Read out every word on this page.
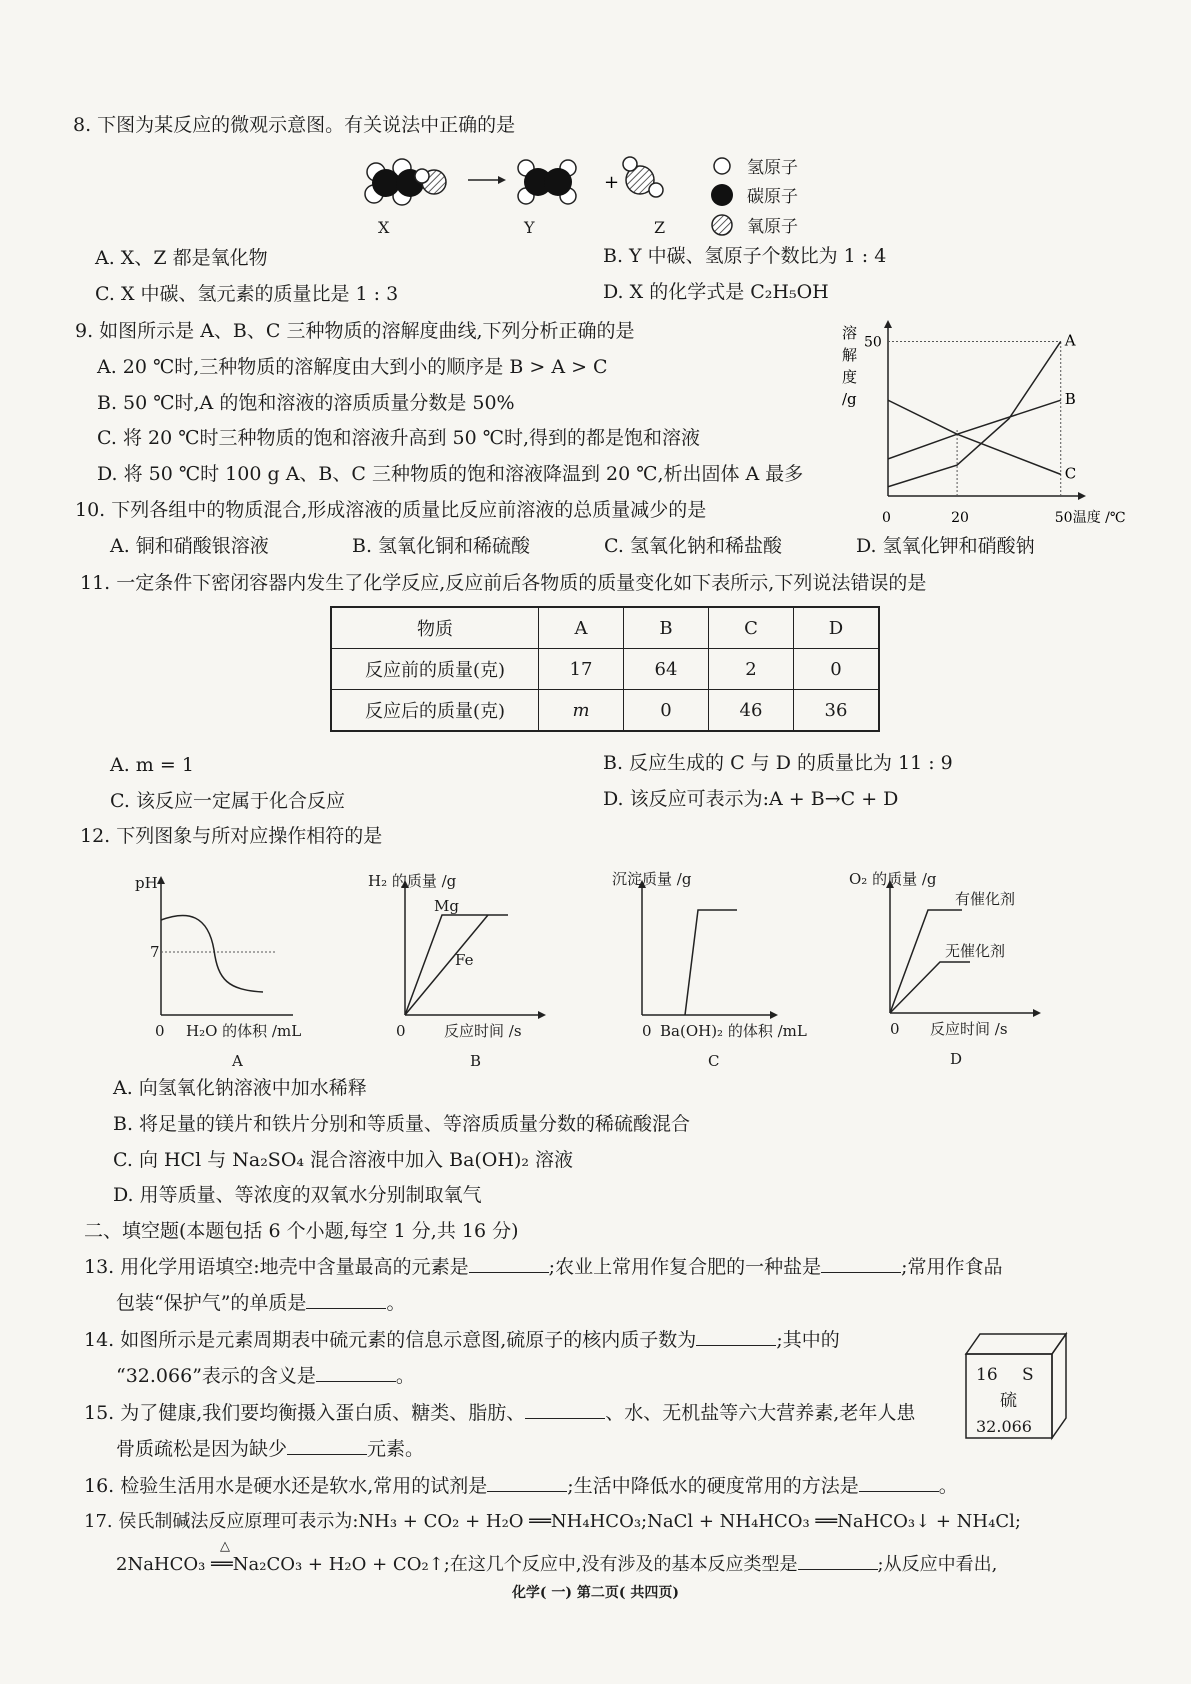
8. 下图为某反应的微观示意图。有关说法中正确的是
+
氢原子
碳原子
氧原子
X	Y	Z
A. X、Z 都是氧化物	B. Y 中碳、氢原子个数比为 1 : 4
C. X 中碳、氢元素的质量比是 1 : 3	D. X 的化学式是 C₂H₅OH
9. 如图所示是 A、B、C 三种物质的溶解度曲线,下列分析正确的是
A. 20 ℃时,三种物质的溶解度由大到小的顺序是 B > A > C
B. 50 ℃时,A 的饱和溶液的溶质质量分数是 50%
C. 将 20 ℃时三种物质的饱和溶液升高到 50 ℃时,得到的都是饱和溶液
D. 将 50 ℃时 100 g A、B、C 三种物质的饱和溶液降温到 20 ℃,析出固体 A 最多
A
B
C
溶
解
度
/g
50
0	20	50 温度 /℃
10. 下列各组中的物质混合,形成溶液的质量比反应前溶液的总质量减少的是
A. 铜和硝酸银溶液	B. 氢氧化铜和稀硫酸	C. 氢氧化钠和稀盐酸	D. 氢氧化钾和硝酸钠
11. 一定条件下密闭容器内发生了化学反应,反应前后各物质的质量变化如下表所示,下列说法错误的是
物质	A	B	C	D
反应前的质量(克)	17	64	2	0
反应后的质量(克)	m	0	46	36
A. m = 1	B. 反应生成的 C 与 D 的质量比为 11 : 9
C. 该反应一定属于化合反应	D. 该反应可表示为:A + B→C + D
12. 下列图象与所对应操作相符的是
pH
7
0 H₂O 的体积 /mL
A
H₂ 的质量 /g
Mg
Fe
0	反应时间 /s
B
沉淀质量 /g
0 Ba(OH)₂ 的体积 /mL
C
O₂ 的质量 /g
有催化剂
无催化剂
0 反应时间 /s
D
A. 向氢氧化钠溶液中加水稀释
B. 将足量的镁片和铁片分别和等质量、等溶质质量分数的稀硫酸混合
C. 向 HCl 与 Na₂SO₄ 混合溶液中加入 Ba(OH)₂ 溶液
D. 用等质量、等浓度的双氧水分别制取氧气
二、填空题(本题包括 6 个小题,每空 1 分,共 16 分)
13. 用化学用语填空:地壳中含量最高的元素是	;农业上常用作复合肥的一种盐是	;常用作食品
包装“保护气”的单质是	。
14. 如图所示是元素周期表中硫元素的信息示意图,硫原子的核内质子数为	;其中的
“32.066”表示的含义是	。	16 S
硫
32.066
15. 为了健康,我们要均衡摄入蛋白质、糖类、脂肪、	、水、无机盐等六大营养素,老年人患
骨质疏松是因为缺少	元素。
16. 检验生活用水是硬水还是软水,常用的试剂是	;生活中降低水的硬度常用的方法是	。
17. 侯氏制碱法反应原理可表示为:NH₃ + CO₂ + H₂O ══NH₄HCO₃;NaCl + NH₄HCO₃ ══NaHCO₃↓ + NH₄Cl;
△
2NaHCO₃ ══Na₂CO₃ + H₂O + CO₂↑;在这几个反应中,没有涉及的基本反应类型是	;从反应中看出,
化学( 一) 第二页( 共四页)
